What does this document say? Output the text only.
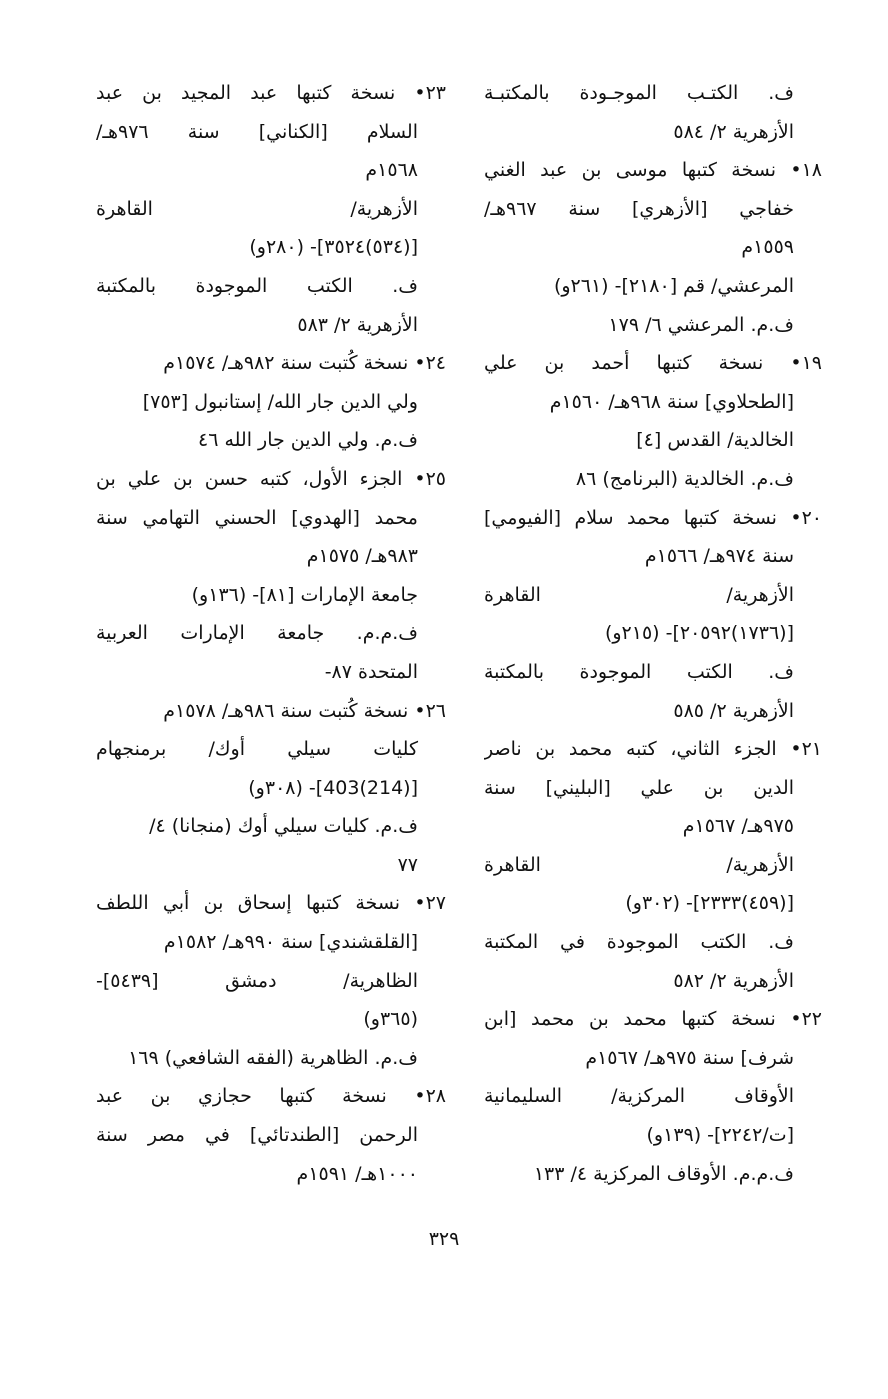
ف. الكتـب الموجـودة بالمكتبـة
الأزهرية ٢/ ٥٨٤
١٨• نسخة كتبها موسى بن عبد الغني
خفاجي [الأزهري] سنة ٩٦٧هـ/
١٥٥٩م
المرعشي/ قم [٢١٨٠]- (٢٦١و)
ف.م. المرعشي ٦/ ١٧٩
١٩• نسخة كتبها أحمد بن علي
[الطحلاوي] سنة ٩٦٨هـ/ ١٥٦٠م
الخالدية/ القدس [٤]
ف.م. الخالدية (البرنامج) ٨٦
٢٠• نسخة كتبها محمد سلام [الفيومي]
سنة ٩٧٤هـ/ ١٥٦٦م
الأزهرية/ القاهرة
[(١٧٣٦)٢٠٥٩٢]- (٢١٥و)
ف. الكتب الموجودة بالمكتبة
الأزهرية ٢/ ٥٨٥
٢١• الجزء الثاني، كتبه محمد بن ناصر
الدين بن علي [البليني] سنة
٩٧٥هـ/ ١٥٦٧م
الأزهرية/ القاهرة
[(٤٥٩)٢٣٣٣]- (٣٠٢و)
ف. الكتب الموجودة في المكتبة
الأزهرية ٢/ ٥٨٢
٢٢• نسخة كتبها محمد بن محمد [ابن
شرف] سنة ٩٧٥هـ/ ١٥٦٧م
الأوقاف المركزية/ السليمانية
[ت/٢٢٤٢]- (١٣٩و)
ف.م.م. الأوقاف المركزية ٤/ ١٣٣
٢٣• نسخة كتبها عبد المجيد بن عبد
السلام [الكناني] سنة ٩٧٦هـ/
١٥٦٨م
الأزهرية/ القاهرة
[(٥٣٤)٣٥٢٤]- (٢٨٠و)
ف. الكتب الموجودة بالمكتبة
الأزهرية ٢/ ٥٨٣
٢٤• نسخة كُتبت سنة ٩٨٢هـ/ ١٥٧٤م
ولي الدين جار الله/ إستانبول [٧٥٣]
ف.م. ولي الدين جار الله ٤٦
٢٥• الجزء الأول، كتبه حسن بن علي بن
محمد [الهدوي] الحسني التهامي سنة
٩٨٣هـ/ ١٥٧٥م
جامعة الإمارات [٨١]- (١٣٦و)
ف.م.م. جامعة الإمارات العربية
المتحدة ٨٧-
٢٦• نسخة كُتبت سنة ٩٨٦هـ/ ١٥٧٨م
كليات سيلي أوك/ برمنجهام
[(214)403]- (٣٠٨و)
ف.م. كليات سيلي أوك (منجانا) ٤/
٧٧
٢٧• نسخة كتبها إسحاق بن أبي اللطف
[القلقشندي] سنة ٩٩٠هـ/ ١٥٨٢م
الظاهرية/ دمشق [٥٤٣٩]-
(٣٦٥و)
ف.م. الظاهرية (الفقه الشافعي) ١٦٩
٢٨• نسخة كتبها حجازي بن عبد
الرحمن [الطندتائي] في مصر سنة
١٠٠٠هـ/ ١٥٩١م
٣٢٩
